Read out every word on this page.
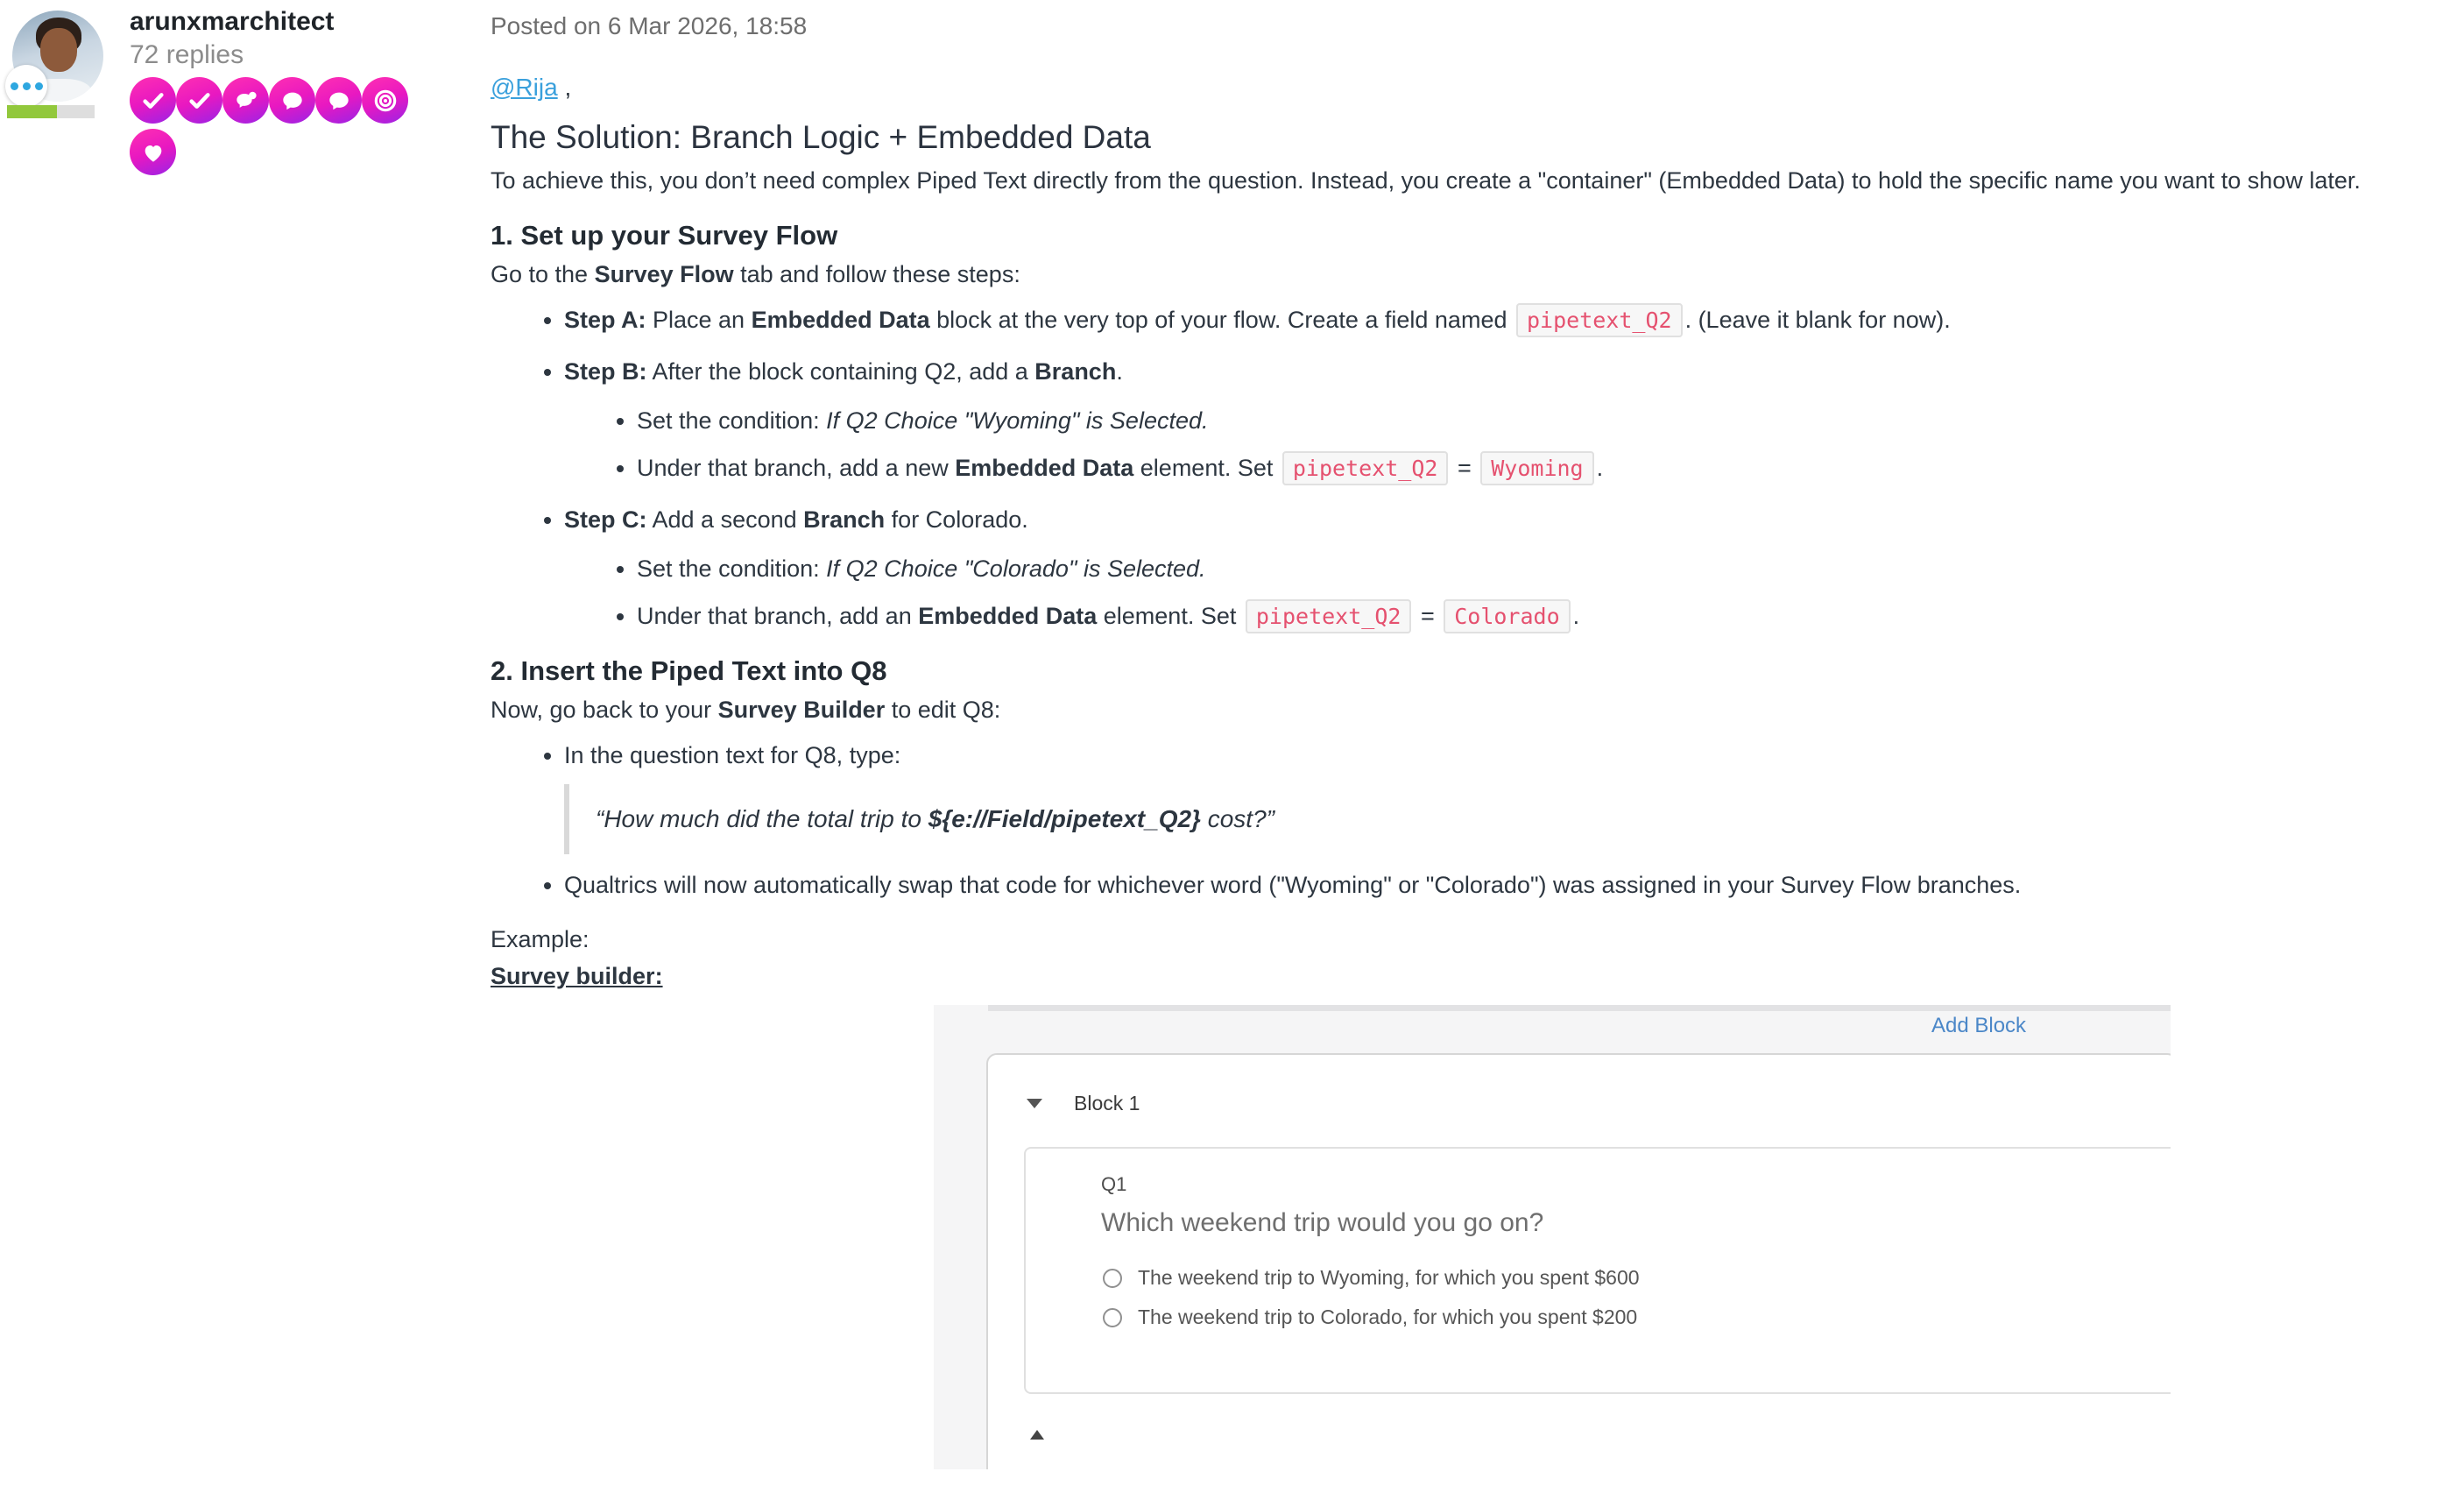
arunxmarchitect
72 replies
Posted on 6 Mar 2026, 18:58

@Rija ,

The Solution: Branch Logic + Embedded Data

To achieve this, you don’t need complex Piped Text directly from the question. Instead, you create a "container" (Embedded Data) to hold the specific name you want to show later.

1. Set up your Survey Flow

Go to the Survey Flow tab and follow these steps:

• Step A: Place an Embedded Data block at the very top of your flow. Create a field named pipetext_Q2 . (Leave it blank for now).
• Step B: After the block containing Q2, add a Branch.
• Set the condition: If Q2 Choice "Wyoming" is Selected.
• Under that branch, add a new Embedded Data element. Set pipetext_Q2 = Wyoming .
• Step C: Add a second Branch for Colorado.
• Set the condition: If Q2 Choice "Colorado" is Selected.
• Under that branch, add an Embedded Data element. Set pipetext_Q2 = Colorado .
2. Insert the Piped Text into Q8

Now, go back to your Survey Builder to edit Q8:

• In the question text for Q8, type:
“How much did the total trip to ${e://Field/pipetext_Q2} cost?”
• Qualtrics will now automatically swap that code for whichever word ("Wyoming" or "Colorado") was assigned in your Survey Flow branches.

Example:

Survey builder:

Add Block
Block 1
Q1
Which weekend trip would you go on?
The weekend trip to Wyoming, for which you spent $600
The weekend trip to Colorado, for which you spent $200
